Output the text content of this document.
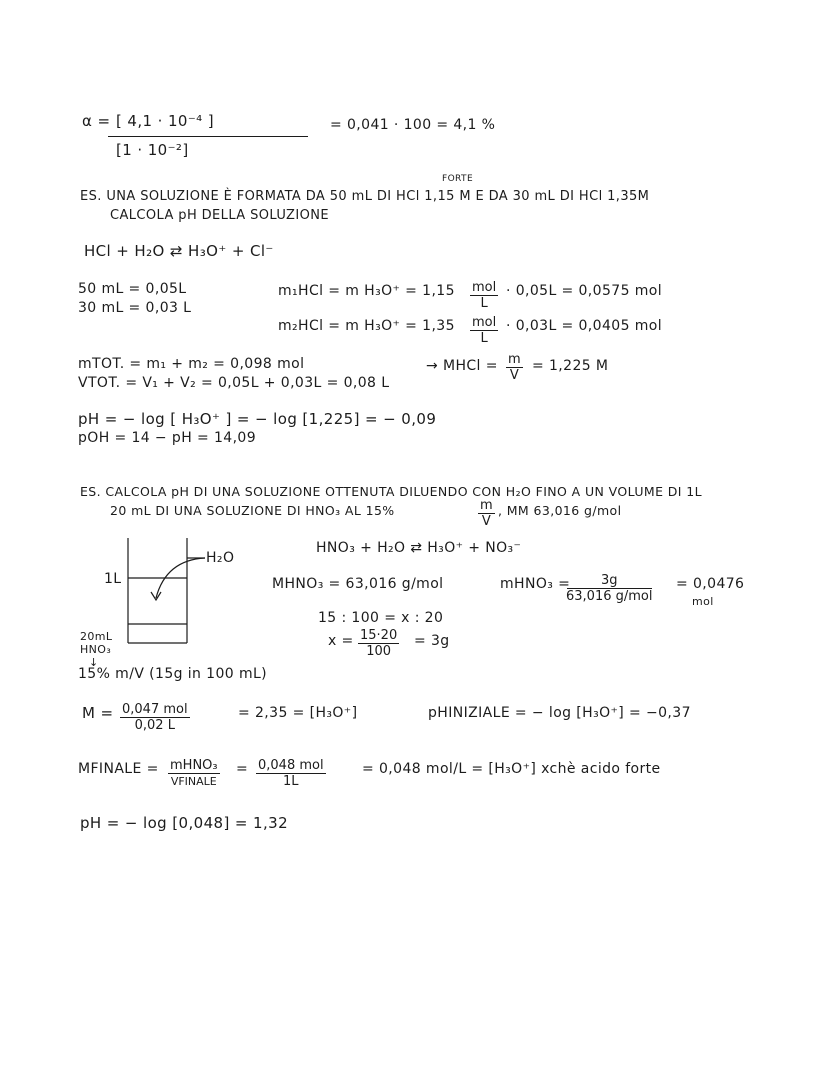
α = [ 4,1 · 10⁻⁴ ]
[1 · 10⁻²]
= 0,041 · 100 = 4,1 %
FORTE
ES. UNA SOLUZIONE È FORMATA DA 50 mL DI HCl 1,15 M E DA 30 mL DI HCl 1,35M
CALCOLA pH DELLA SOLUZIONE
HCl + H₂O ⇄ H₃O⁺ + Cl⁻
50 mL = 0,05L
30 mL = 0,03 L
m₁HCl = m H₃O⁺ = 1,15 mol
L
· 0,05L = 0,0575 mol
m₂HCl = m H₃O⁺ = 1,35 mol
L
· 0,03L = 0,0405 mol
mTOT. = m₁ + m₂ = 0,098 mol
VTOT. = V₁ + V₂ = 0,05L + 0,03L = 0,08 L
→ MHCl = $\frac{m}{V} = 1,225$ M
pH = − log [ H₃O⁺ ] = − log [1,225] = − 0,09
pOH = 14 − pH = 14,09
ES. CALCOLA pH DI UNA SOLUZIONE OTTENUTA DILUENDO CON H₂O FINO A UN VOLUME DI 1L
20 mL DI UNA SOLUZIONE DI HNO₃ AL 15%	$\frac{m}{V}$ , MM 63,016 g/mol
HNO₃ + H₂O ⇄ H₃O⁺ + NO₃⁻
H₂O
1L
20mL
HNO₃
↓
15% m/V (15g in 100 mL)
MHNO₃ = 63,016 g/mol	mHNO₃ =	3g
63,016 g/mol
= 0,0476
mol
15 : 100 = x : 20
$x = \frac{15\cdot 20}{100} = 3g$
M = 0,047 mol
0,02 L
= 2,35 = [H₃O⁺]	pHINIZIALE = − log [H₃O⁺] = −0,37
MFINALE = mHNO₃
VFINALE
= 0,048 mol
1L
= 0,048 mol/L = [H₃O⁺] xchè acido forte
pH = − log [0,048] = 1,32
